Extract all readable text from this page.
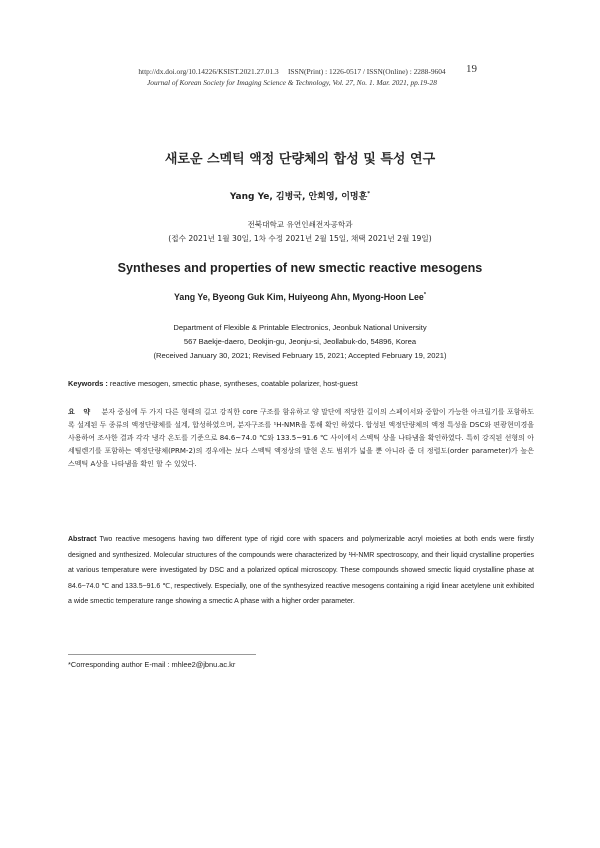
http://dx.doi.org/10.14226/KSIST.2021.27.01.3　 ISSN(Print) : 1226-0517 / ISSN(Online) : 2288-9604
Journal of Korean Society for Imaging Science & Technology, Vol. 27, No. 1. Mar. 2021, pp.19-28
19
새로운 스멕틱 액정 단량체의 합성 및 특성 연구
Yang Ye, 김병국, 안희영, 이명훈*
전북대학교 유연인쇄전자공학과
(접수 2021년 1월 30일, 1차 수정 2021년 2월 15일, 채택 2021년 2월 19일)
Syntheses and properties of new smectic reactive mesogens
Yang Ye, Byeong Guk Kim, Huiyeong Ahn, Myong-Hoon Lee*
Department of Flexible & Printable Electronics, Jeonbuk National University
567 Baekje-daero, Deokjin-gu, Jeonju-si, Jeollabuk-do, 54896, Korea
(Received January 30, 2021; Revised February 15, 2021; Accepted February 19, 2021)
Keywords : reactive mesogen, smectic phase, syntheses, coatable polarizer, host-guest
요 약 분자 중심에 두 가지 다른 형태의 길고 강직한 core 구조를 함유하고 양 말단에 적당한 길이의 스페이서와 중합이 가능한 아크릴기를 포함하도록 설계된 두 종류의 액정단량체를 설계, 합성하였으며, 분자구조를 ¹H-NMR을 통해 확인 하였다. 합성된 액정단량체의 액정 특성을 DSC와 편광현미경을 사용하여 조사한 결과 각각 냉각 온도를 기준으로 84.6~74.0 ℃와 133.5~91.6 ℃ 사이에서 스멕틱 상을 나타냄을 확인하였다. 특히 강직된 선형의 아세틸렌기를 포함하는 액정단량체(PRM-2)의 경우에는 보다 스멕틱 액정상의 발현 온도 범위가 넓을 뿐 아니라 좀 더 정렬도(order parameter)가 높은 스멕틱 A상을 나타냄을 확인 할 수 있었다.
Abstract Two reactive mesogens having two different type of rigid core with spacers and polymerizable acryl moieties at both ends were firstly designed and synthesized. Molecular structures of the compounds were characterized by ¹H-NMR spectroscopy, and their liquid crystalline properties at various temperature were investigated by DSC and a polarized optical microscopy. These compounds showed smectic liquid crystalline phase at 84.6~74.0 ℃ and 133.5~91.6 ℃, respectively. Especially, one of the synthesyized reactive mesogens containing a rigid linear acetylene unit exhibited a wide smectic temperature range showing a smectic A phase with a higher order parameter.
*Corresponding author E-mail : mhlee2@jbnu.ac.kr
